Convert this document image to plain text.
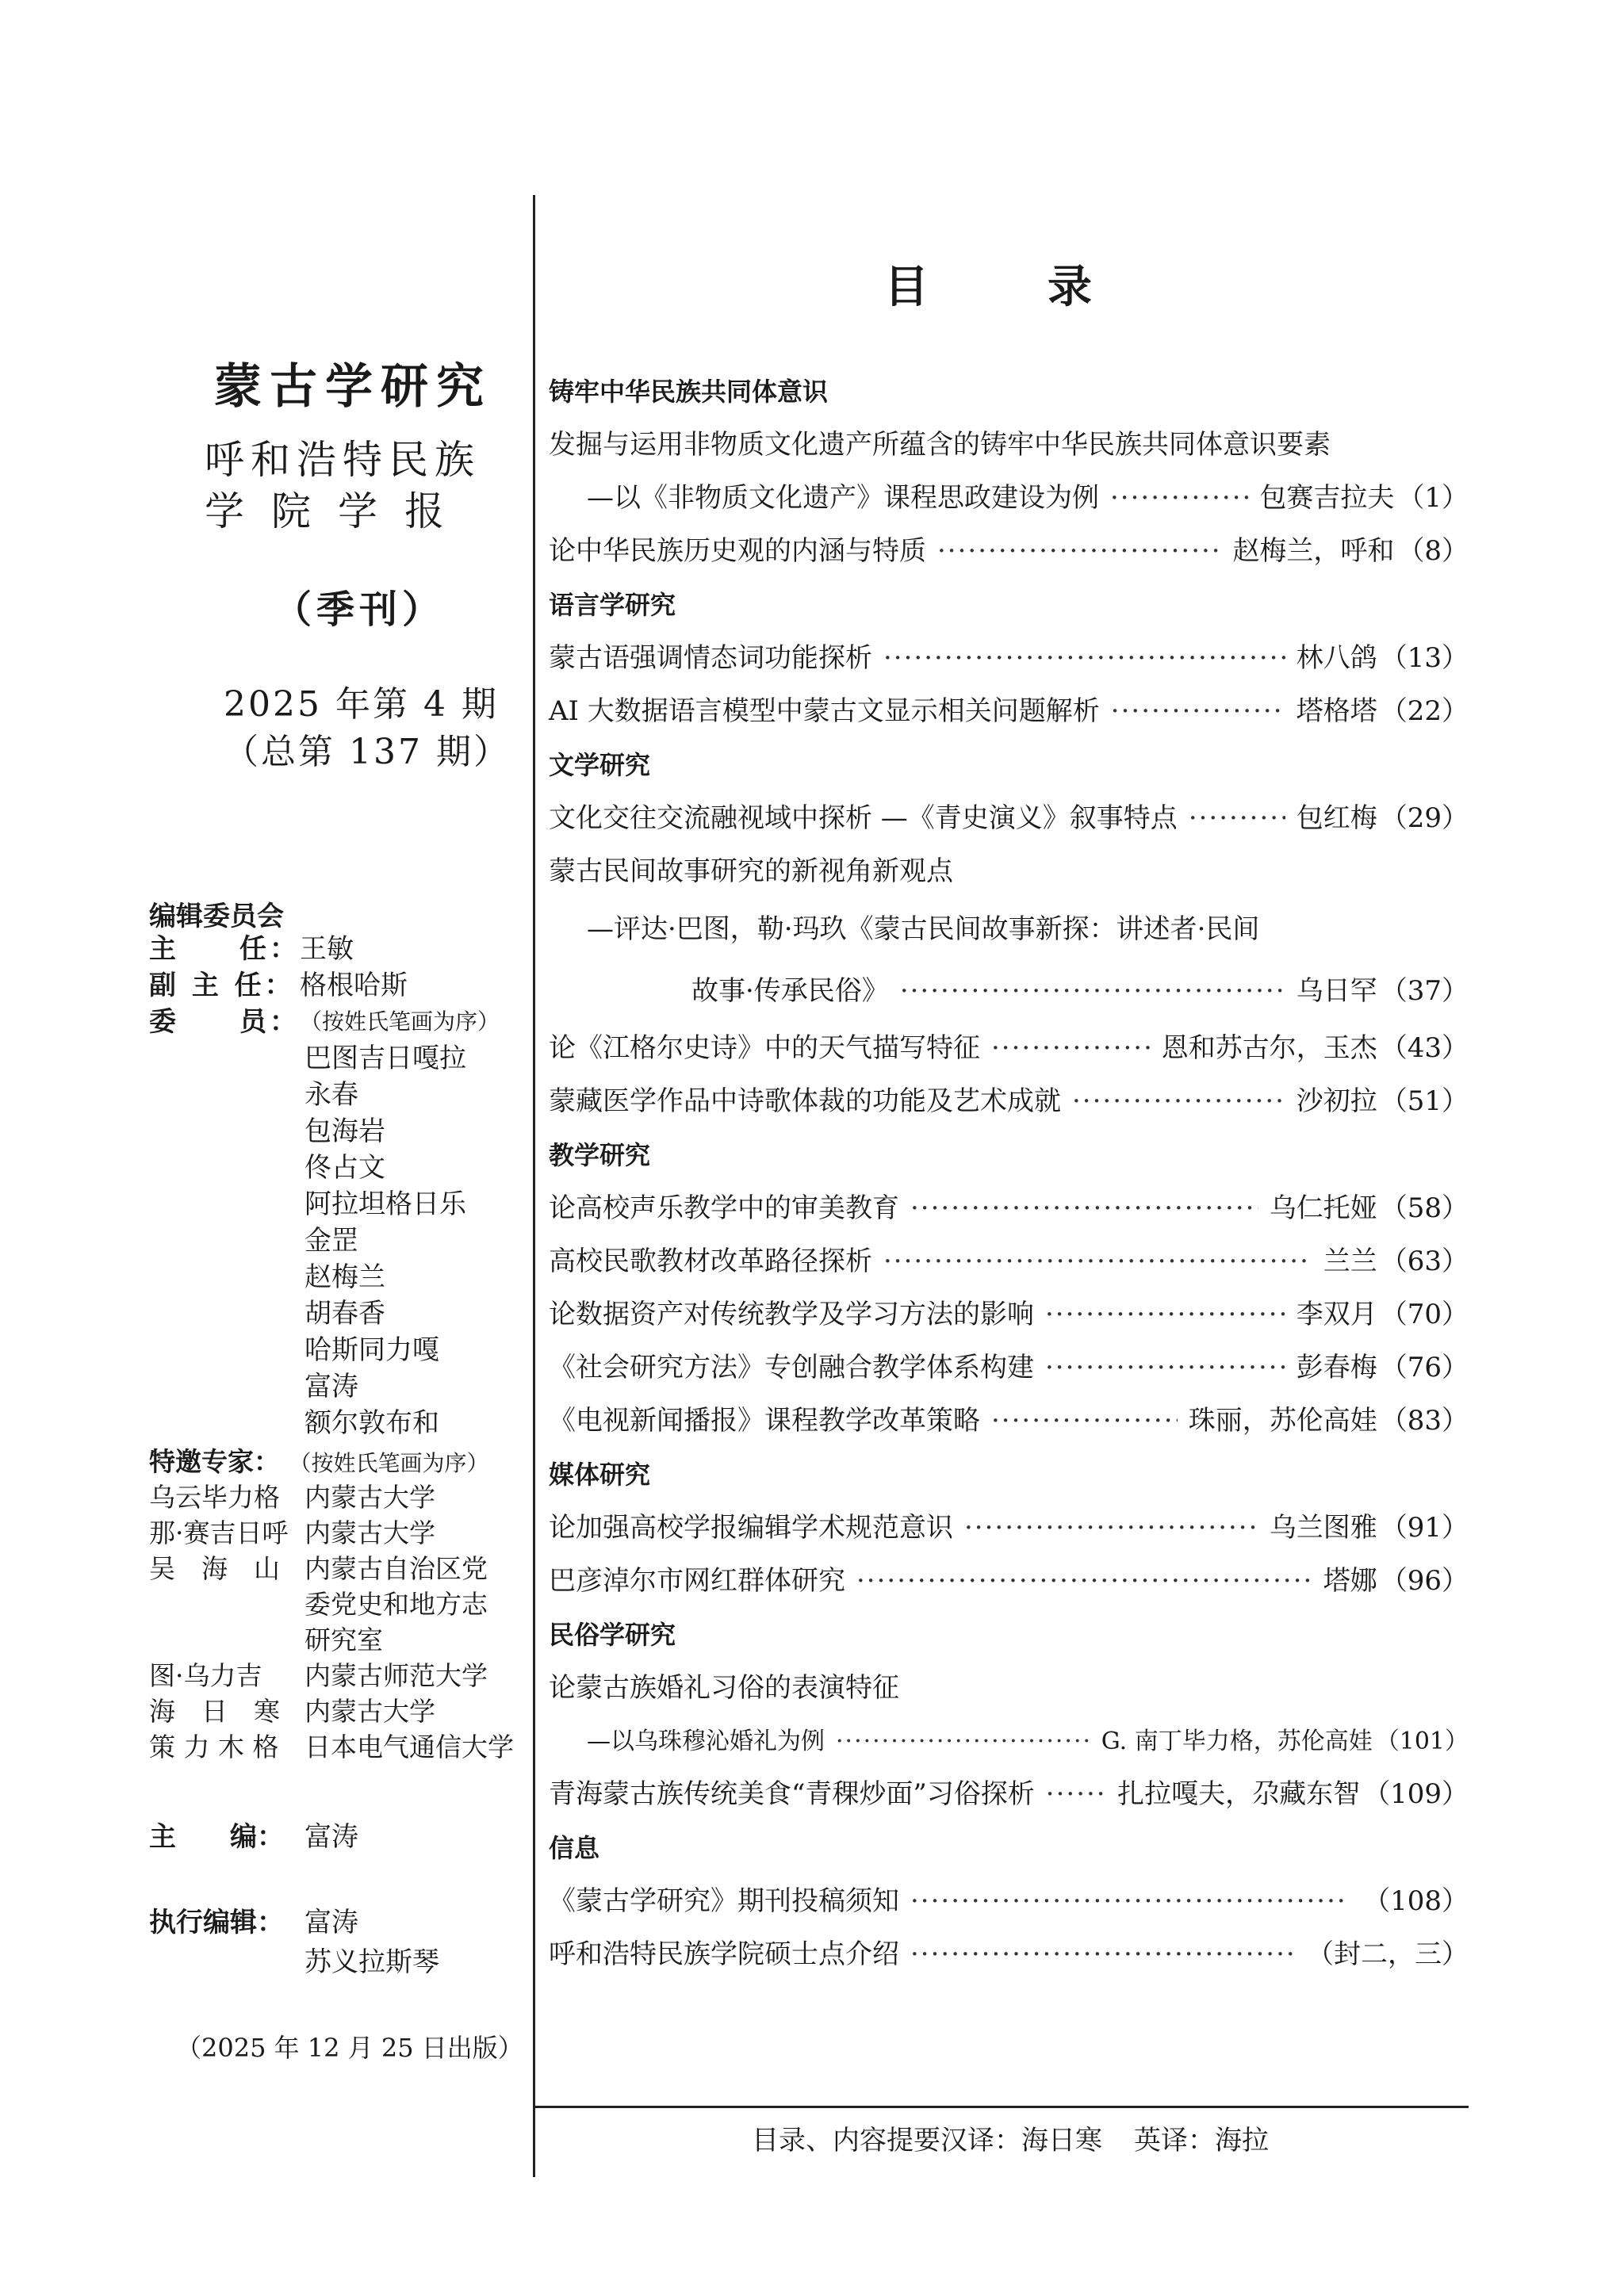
蒙古学研究
呼和浩特民族
学院学报
（季刊）
2025 年第 4 期
（总第 137 期）
编辑委员会
主　　任： 王敏
副 主 任： 格根哈斯
委　　员： （按姓氏笔画为序）
巴图吉日嘎拉
永春
包海岩
佟占文
阿拉坦格日乐
金罡
赵梅兰
胡春香
哈斯同力嘎
富涛
额尔敦布和
特邀专家： （按姓氏笔画为序）
乌云毕力格 内蒙古大学
那·赛吉日呼 内蒙古大学
吴　海　山 内蒙古自治区党
委党史和地方志
研究室
图·乌力吉	内蒙古师范大学
海　日　寒 内蒙古大学
策 力 木 格 日本电气通信大学
主　　编： 富涛
执行编辑： 富涛
苏义拉斯琴
（2025 年 12 月 25 日出版）
目	录
铸牢中华民族共同体意识
发掘与运用非物质文化遗产所蕴含的铸牢中华民族共同体意识要素
—以《非物质文化遗产》课程思政建设为例 ·····	包赛吉拉夫 （1）
论中华民族历史观的内涵与特质 ·····	赵梅兰，呼和 （8）
语言学研究
蒙古语强调情态词功能探析 ·····	林八鸽 （13）
AI 大数据语言模型中蒙古文显示相关问题解析 ·····	塔格塔 （22）
文学研究
文化交往交流融视域中探析 —《青史演义》叙事特点 ·····	包红梅 （29）
蒙古民间故事研究的新视角新观点
—评达·巴图，勒·玛玖《蒙古民间故事新探：讲述者·民间
故事·传承民俗》 ·····	乌日罕 （37）
论《江格尔史诗》中的天气描写特征 ·····	恩和苏古尔，玉杰 （43）
蒙藏医学作品中诗歌体裁的功能及艺术成就 ·····	沙初拉 （51）
教学研究
论高校声乐教学中的审美教育 ·····	乌仁托娅 （58）
高校民歌教材改革路径探析 ·····	兰兰 （63）
论数据资产对传统教学及学习方法的影响 ·····	李双月 （70）
《社会研究方法》专创融合教学体系构建 ·····	彭春梅 （76）
《电视新闻播报》课程教学改革策略 ·····	珠丽，苏伦高娃 （83）
媒体研究
论加强高校学报编辑学术规范意识 ·····	乌兰图雅 （91）
巴彦淖尔市网红群体研究 ·····	塔娜 （96）
民俗学研究
论蒙古族婚礼习俗的表演特征
—以乌珠穆沁婚礼为例 ·····	G. 南丁毕力格，苏伦高娃 （101）
青海蒙古族传统美食“青稞炒面”习俗探析 ·····	扎拉嘎夫，尕藏东智 （109）
信息
《蒙古学研究》期刊投稿须知 ·····	（108）
呼和浩特民族学院硕士点介绍 ·····	（封二，三）
目录、内容提要汉译：海日寒 英译：海拉
